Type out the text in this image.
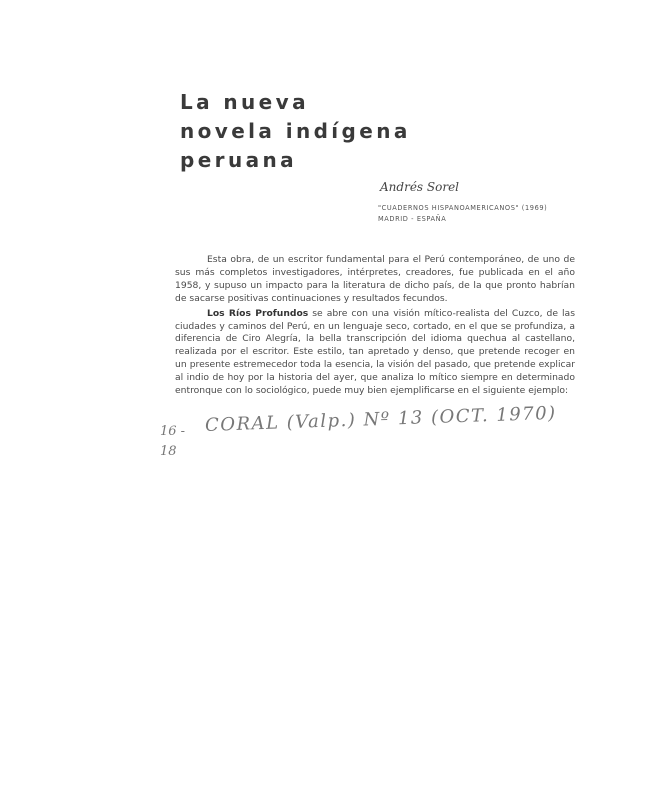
La nueva
novela indígena
peruana
Andrés Sorel
"CUADERNOS HISPANOAMERICANOS" (1969)
MADRID - ESPAÑA

Esta obra, de un escritor fundamental para el Perú contemporáneo, de uno de sus más completos investigadores, intérpretes, creadores, fue publicada en el año 1958, y supuso un impacto para la literatura de dicho país, de la que pronto habrían de sacarse positivas continuaciones y resultados fecundos.

Los Ríos Profundos se abre con una visión mítico-realista del Cuzco, de las ciudades y caminos del Perú, en un lenguaje seco, cortado, en el que se profundiza, a diferencia de Ciro Alegría, la bella transcripción del idioma quechua al castellano, realizada por el escritor. Este estilo, tan apretado y denso, que pretende recoger en un presente estremecedor toda la esencia, la visión del pasado, que pretende explicar al indio de hoy por la historia del ayer, que analiza lo mítico siempre en determinado entronque con lo sociológico, puede muy bien ejemplificarse en el siguiente ejemplo:

16 -
18
CORAL (Valp.) Nº 13 (OCT. 1970)
